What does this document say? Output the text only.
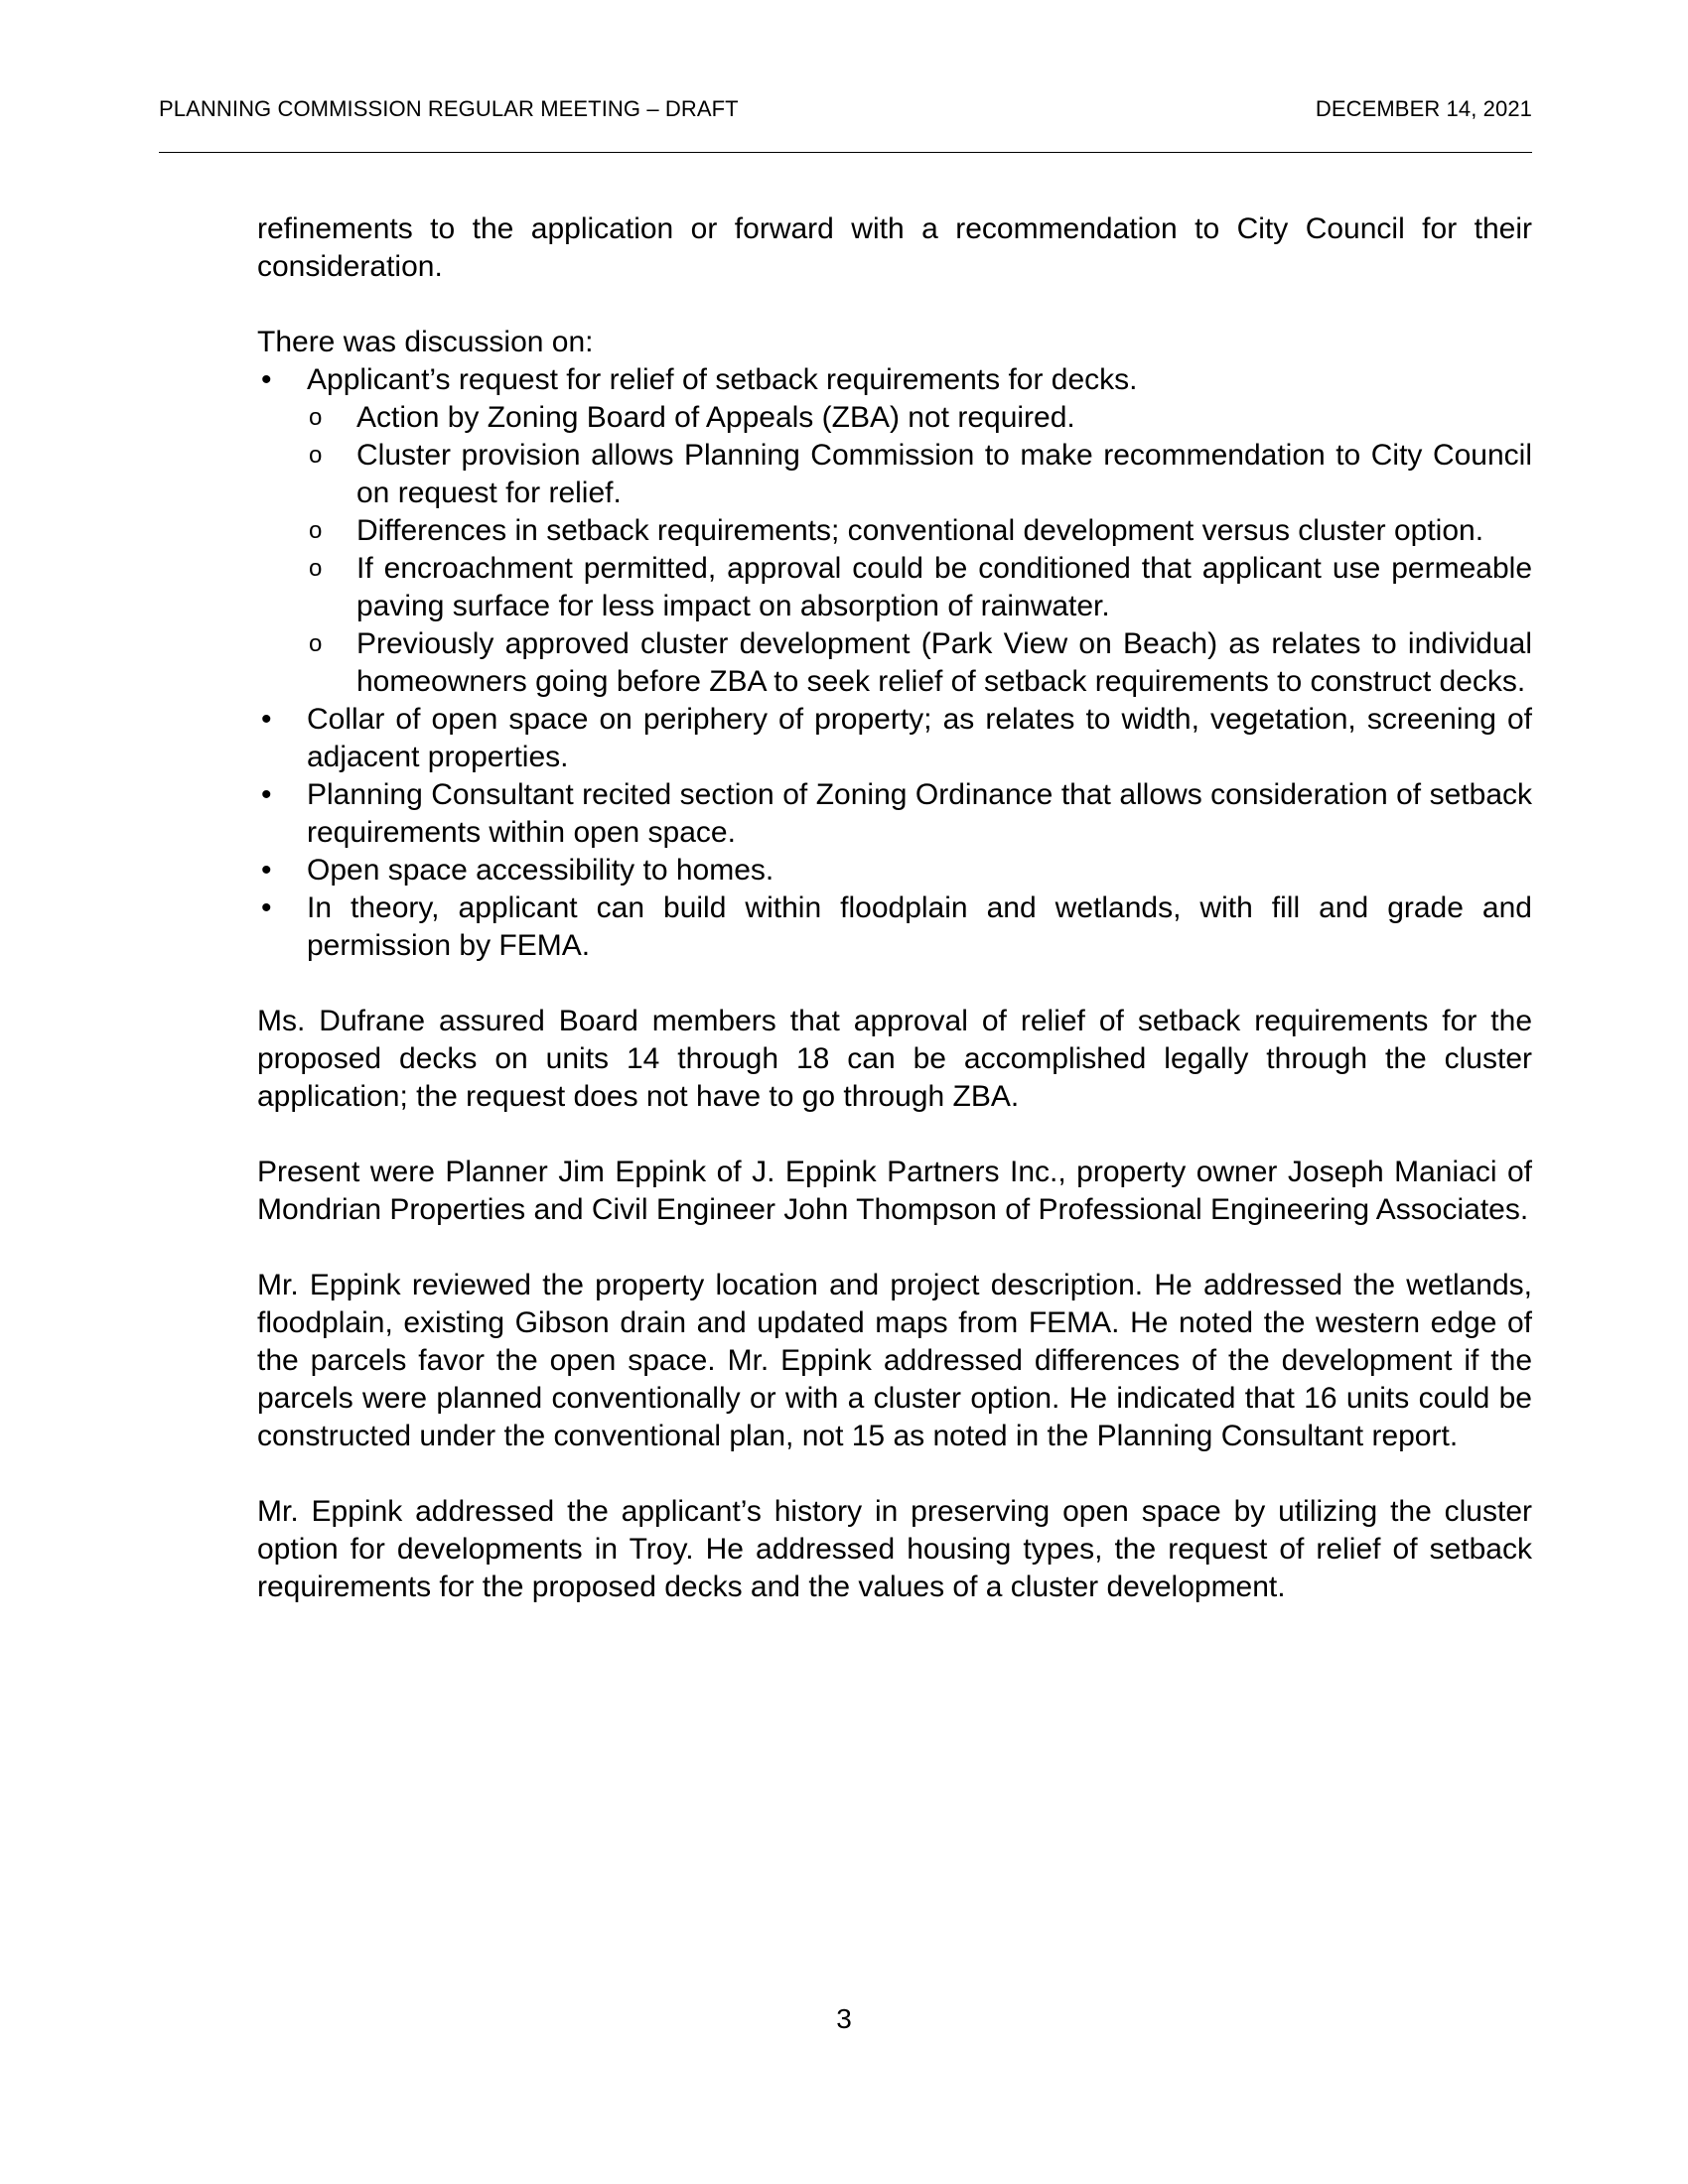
PLANNING COMMISSION REGULAR MEETING – DRAFT	DECEMBER 14, 2021

refinements to the application or forward with a recommendation to City Council for their consideration.

There was discussion on:

• Applicant’s request for relief of setback requirements for decks.
o Action by Zoning Board of Appeals (ZBA) not required.
o Cluster provision allows Planning Commission to make recommendation to City Council on request for relief.
o Differences in setback requirements; conventional development versus cluster option.
o If encroachment permitted, approval could be conditioned that applicant use permeable paving surface for less impact on absorption of rainwater.
o Previously approved cluster development (Park View on Beach) as relates to individual homeowners going before ZBA to seek relief of setback requirements to construct decks.
• Collar of open space on periphery of property; as relates to width, vegetation, screening of adjacent properties.
• Planning Consultant recited section of Zoning Ordinance that allows consideration of setback requirements within open space.
• Open space accessibility to homes.
• In theory, applicant can build within floodplain and wetlands, with fill and grade and permission by FEMA.

Ms. Dufrane assured Board members that approval of relief of setback requirements for the proposed decks on units 14 through 18 can be accomplished legally through the cluster application; the request does not have to go through ZBA.

Present were Planner Jim Eppink of J. Eppink Partners Inc., property owner Joseph Maniaci of Mondrian Properties and Civil Engineer John Thompson of Professional Engineering Associates.

Mr. Eppink reviewed the property location and project description. He addressed the wetlands, floodplain, existing Gibson drain and updated maps from FEMA. He noted the western edge of the parcels favor the open space. Mr. Eppink addressed differences of the development if the parcels were planned conventionally or with a cluster option. He indicated that 16 units could be constructed under the conventional plan, not 15 as noted in the Planning Consultant report.

Mr. Eppink addressed the applicant’s history in preserving open space by utilizing the cluster option for developments in Troy. He addressed housing types, the request of relief of setback requirements for the proposed decks and the values of a cluster development.

3
